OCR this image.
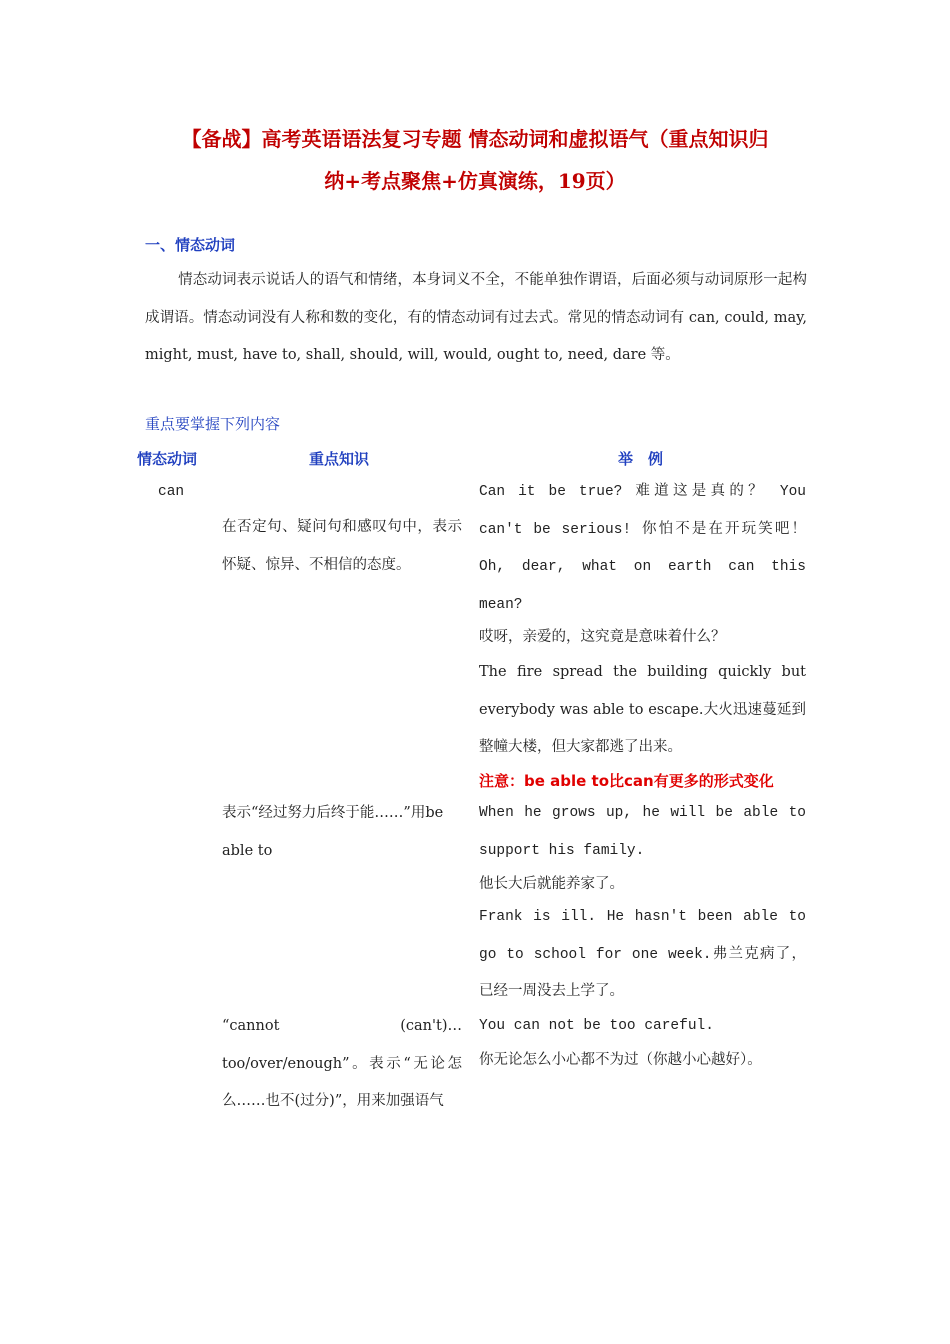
【备战】高考英语语法复习专题 情态动词和虚拟语气（重点知识归
纳+考点聚焦+仿真演练，19页）
一、情态动词
情态动词表示说话人的语气和情绪，本身词义不全，不能单独作谓语，后面必须与动词原形一起构成谓语。情态动词没有人称和数的变化，有的情态动词有过去式。常见的情态动词有 can, could, may, might, must, have to, shall, should, will, would, ought to, need, dare 等。
重点要掌握下列内容
情态动词	重点知识	举　例
can
在否定句、疑问句和感叹句中，表示怀疑、惊异、不相信的态度。
Can it be true? 难道这是真的？ You can't be serious! 你怕不是在开玩笑吧！Oh, dear, what on earth can this mean?
哎呀，亲爱的，这究竟是意味着什么？
The fire spread the building quickly but everybody was able to escape.大火迅速蔓延到整幢大楼，但大家都逃了出来。
注意：be able to比can有更多的形式变化
表示“经过努力后终于能……”用be able to
When he grows up, he will be able to support his family.
他长大后就能养家了。
Frank is ill. He hasn't been able to go to school for one week.弗兰克病了，已经一周没去上学了。
“cannot (can't)…too/over/enough”。表示“无论怎么……也不(过分)”，用来加强语气
You can not be too careful.
你无论怎么小心都不为过（你越小心越好）。
